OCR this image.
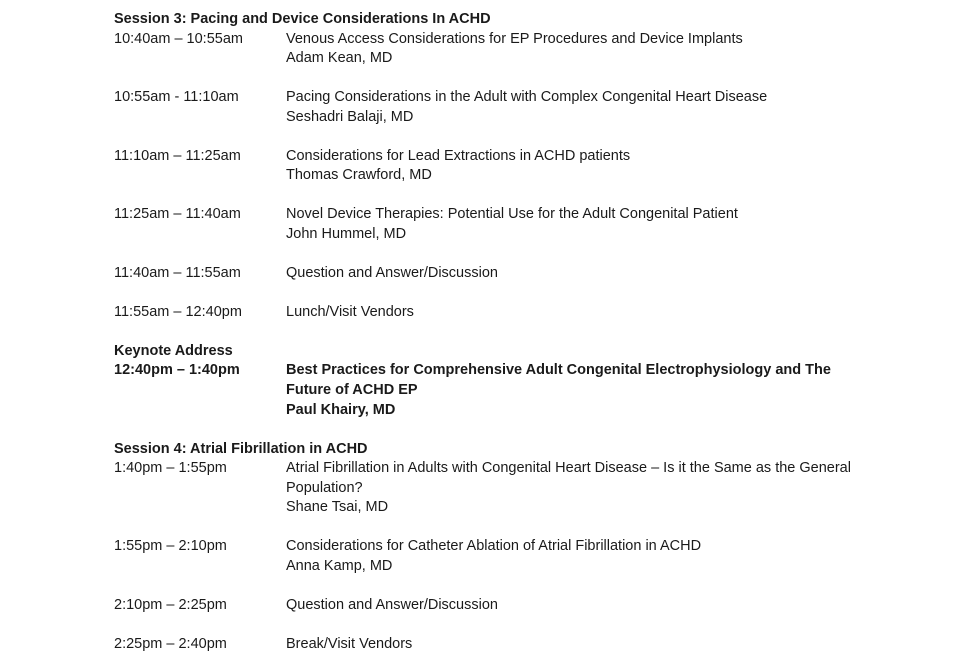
Session 3: Pacing and Device Considerations In ACHD
10:40am – 10:55am	Venous Access Considerations for EP Procedures and Device Implants
Adam Kean, MD
10:55am - 11:10am	Pacing Considerations in the Adult with Complex Congenital Heart Disease
Seshadri Balaji, MD
11:10am – 11:25am	Considerations for Lead Extractions in ACHD patients
Thomas Crawford, MD
11:25am – 11:40am	Novel Device Therapies: Potential Use for the Adult Congenital Patient
John Hummel, MD
11:40am – 11:55am	Question and Answer/Discussion
11:55am – 12:40pm	Lunch/Visit Vendors
Keynote Address
12:40pm – 1:40pm	Best Practices for Comprehensive Adult Congenital Electrophysiology and The Future of ACHD EP
Paul Khairy, MD
Session 4: Atrial Fibrillation in ACHD
1:40pm – 1:55pm	Atrial Fibrillation in Adults with Congenital Heart Disease – Is it the Same as the General Population?
Shane Tsai, MD
1:55pm – 2:10pm	Considerations for Catheter Ablation of Atrial Fibrillation in ACHD
Anna Kamp, MD
2:10pm – 2:25pm	Question and Answer/Discussion
2:25pm – 2:40pm	Break/Visit Vendors
